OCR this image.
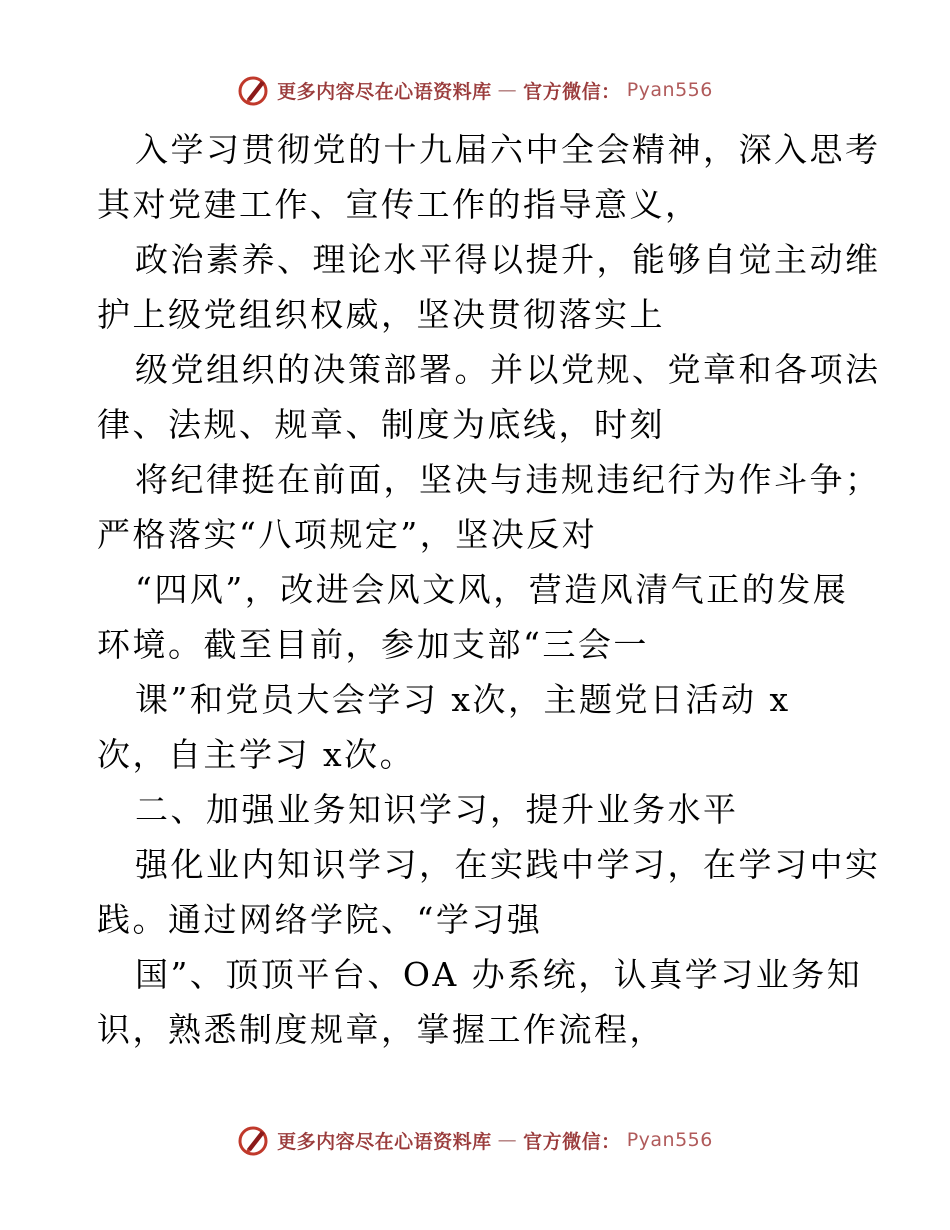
更多内容尽在心语资料库 — 官方微信： Pyan556
入学习贯彻党的十九届六中全会精神，深入思考
其对党建工作、宣传工作的指导意义，
政治素养、理论水平得以提升，能够自觉主动维
护上级党组织权威，坚决贯彻落实上
级党组织的决策部署。并以党规、党章和各项法
律、法规、规章、制度为底线，时刻
将纪律挺在前面，坚决与违规违纪行为作斗争；
严格落实“八项规定”，坚决反对
“四风”，改进会风文风，营造风清气正的发展
环境。截至目前，参加支部“三会一
课”和党员大会学习 x次，主题党日活动 x
次，自主学习 x次。
二、加强业务知识学习，提升业务水平
强化业内知识学习，在实践中学习，在学习中实
践。通过网络学院、“学习强
国”、顶顶平台、OA 办系统，认真学习业务知
识，熟悉制度规章，掌握工作流程，
更多内容尽在心语资料库 — 官方微信： Pyan556
